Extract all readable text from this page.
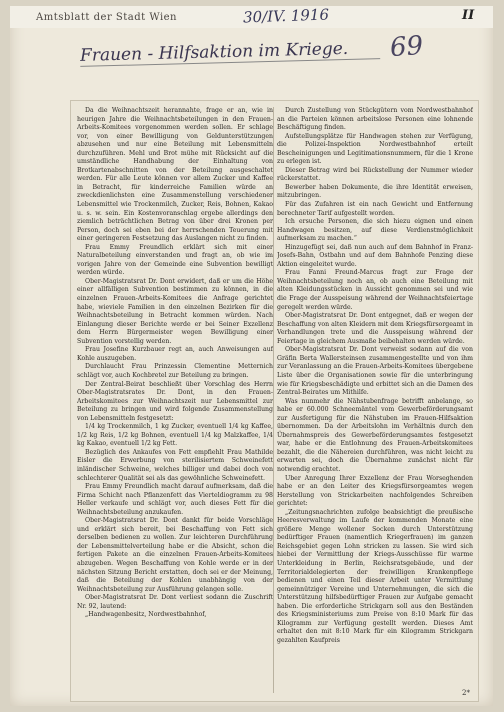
Amtsblatt der Stadt Wien	30/IV. 1916	II
Frauen - Hilfsaktion im Kriege.	69

Da die Weihnachtszeit herannahte, frage er an, wie in heurigen Jahre die Weihnachtsbeteilungen in den Frauen-Arbeits-Komitees vorgenommen werden sollen. Er schlage vor, von einer Bewilligung von Geldunterstützungen abzusehen und nur eine Beteilung mit Lebensmitteln durchzuführen. Mehl und Brot mühe mit Rücksicht auf die umständliche Handhabung der Einhaltung von Brotkartenabschnitten von der Beteilung ausgeschaltet werden. Für alle Leute können vor allem Zucker und Kaffee in Betracht, für kinderreiche Familien würde an zweckdienlichsten eine Zusammenstellung verschiedener Lebensmittel wie Trockenmilch, Zucker, Reis, Bohnen, Kakao u. s. w. sein. Ein Kostenvoranschlag ergebe allerdings den ziemlich beträchtlichen Betrag von über drei Kronen per Person, doch sei eben bei der herrschenden Teuerung mit einer geringeren Festsetzung das Auslangen nicht zu finden.

Frau Emmy Freundlich erklärt sich mit einer Naturalbeteilung einverstanden und fragt an, ob wie im vorigen Jahre von der Gemeinde eine Subvention bewilligt werden würde.

Ober-Magistratsrat Dr. Dont erwidert, daß er um die Höhe einer allfälligen Subvention bestimmen zu können, in die einzelnen Frauen-Arbeits-Komitees die Anfrage gerichtet habe, wieviele Familien in den einzelnen Bezirken für die Weihnachtsbeteilung in Betracht kommen würden. Nach Einlangung dieser Berichte werde er bei Seiner Exzellenz dem Herrn Bürgermeister wegen Bewilligung einer Subvention vorstellig werden.

Frau Josefine Kurzbauer regt an, auch Anweisungen auf Kohle auszugeben.

Durchlaucht Frau Prinzessin Clementine Metternich schlägt vor, auch Kochbretel zur Beteilung zu bringen.

Der Zentral-Beirat beschließt über Vorschlag des Herrn Ober-Magistratsrates Dr. Dont, in den Frauen-Arbeitskomitees zur Weihnachtszeit nur Lebensmittel zur Beteilung zu bringen und wird folgende Zusammenstellung von Lebensmitteln festgesetzt:

1/4 kg Trockenmilch, 1 kg Zucker, eventuell 1/4 kg Kaffee, 1/2 kg Reis, 1/2 kg Bohnen, eventuell 1/4 kg Malzkaffee, 1/4 kg Kakao, eventuell 1/2 kg Fett.

Bezüglich des Ankaufes von Fett empfiehlt Frau Mathilde Eisler die Erwerbung von sterilisiertem Schweinefett inländischer Schweine, welches billiger und dabei doch von schlechterer Qualität sei als das gewöhnliche Schweinefett.

Frau Emmy Freundlich macht darauf aufmerksam, daß die Firma Schicht nach Pflanzenfett das Vierteldiogramm zu 98 Heller verkaufe und schlägt vor, auch dieses Fett für die Weihnachtsbeteilung anzukaufen.

Ober-Magistratsrat Dr. Dont dankt für beide Vorschläge und erklärt sich bereit, bei Beschaffung von Fett sich derselben bedienen zu wollen. Zur leichteren Durchführung der Lebensmittelverteilung habe er die Absicht, schon die fertigen Pakete an die einzelnen Frauen-Arbeits-Komitees abzugeben. Wegen Beschaffung von Kohle werde er in der nächsten Sitzung Bericht erstatten, doch sei er der Meinung, daß die Beteilung der Kohlen unabhängig von der Weihnachtsbeteilung zur Ausführung gelangen solle.

Ober-Magistratsrat Dr. Dont verliest sodann die Zuschrift Nr. 92, lautend:

„Handwagenbesitz, Nordwestbahnhof,

Durch Zustellung von Stückgütern vom Nordwestbahnhof an die Parteien können arbeitslose Personen eine lohnende Beschäftigung finden.

Aufstellungsplätze für Handwagen stehen zur Verfügung, die Polizei-Inspektion Nordwestbahnhof erteilt Bescheinigungen und Legitimationsnummern, für die 1 Krone zu erlegen ist.

Dieser Betrag wird bei Rückstellung der Nummer wieder rückerstattet.

Bewerber haben Dokumente, die ihre Identität erweisen, mitzubringen.

Für das Zufahren ist ein nach Gewicht und Entfernung berechneter Tarif aufgestellt worden.

Ich ersuche Personen, die sich hiezu eignen und einen Handwagen besitzen, auf diese Verdienstmöglichkeit aufmerksam zu machen.“

Hinzugefügt sei, daß nun auch auf dem Bahnhof in Franz-Josefs-Bahn, Ostbahn und auf dem Bahnhofe Penzing diese Aktion eingeleitet wurde.

Frau Fanni Freund-Marcus fragt zur Frage der Weihnachtsbeteilung noch an, ob auch eine Beteilung mit alten Kleidungsstücken in Aussicht genommen sei und wie die Frage der Ausspeisung während der Weihnachtsfeiertage geregelt werden würde.

Ober-Magistratsrat Dr. Dont entgegnet, daß er wegen der Beschaffung von alten Kleidern mit dem Kriegsfürsorgeamt in Verhandlungen trete und die Ausspeisung während der Feiertage in gleichem Ausmaße beibehalten werden würde.

Ober-Magistratsrat Dr. Dont verweist sodann auf die von Gräfin Berta Wallersteinsen zusammengestellte und von ihm zur Veranlassung an die Frauen-Arbeits-Komitees übergebene Liste über die Organisationen sowie für die unterbringung wie für Kriegsbeschädigte und erbittet sich an die Damen des Zentral-Beirates um Mithilfe.

Was nunmehr die Nähstubenfrage betrifft anbelange, so habe er 60.000 Schneemäntel vom Gewerbeförderungsamt zur Ausfertigung für die Nähstuben im Frauen-Hilfsaktion übernommen. Da der Arbeitslohn im Verhältnis durch den Übernahmspreis des Gewerbeförderungsamtes festgesetzt war, habe er die Entlohnung des Frauen-Arbeitskomitees bezahlt, die die Nähereien durchführen, was nicht leicht zu erwarten sei, doch die Übernahme zunächst nicht für notwendig erachtet.

Uber Anregung Ihrer Exzellenz der Frau Worseghenden habe er an den Leiter des Kriegsfürsorgeamtes wegen Herstellung von Strickarbeiten nachfolgendes Schreiben gerichtet:

„Zeitungsnachrichten zufolge beabsichtigt die preußische Heeresverwaltung im Laufe der kommenden Monate eine größere Menge wollener Socken durch Unterstützung bedürftiger Frauen (namentlich Kriegerfrauen) im ganzen Reichsgebiet gegen Lohn stricken zu lassen. Sie wird sich hiebei der Vermittlung der Kriegs-Ausschüsse für warme Unterkleidung in Berlin, Reichsratsgebäude, und der Territorialdelegierten der freiwilligen Krankenpflege bedienen und einen Teil dieser Arbeit unter Vermittlung gemeinnütziger Vereine und Unternehmungen, die sich die Unterstützung hilfsbedürftiger Frauen zur Aufgabe gemacht haben. Die erforderliche Strickgarn soll aus den Beständen des Kriegsministeriums zum Preise von 8:10 Mark für das Kilogramm zur Verfügung gestellt werden. Dieses Amt erhaltet den mit 8:10 Mark für ein Kilogramm Strickgarn gezahlten Kaufpreis

2*
